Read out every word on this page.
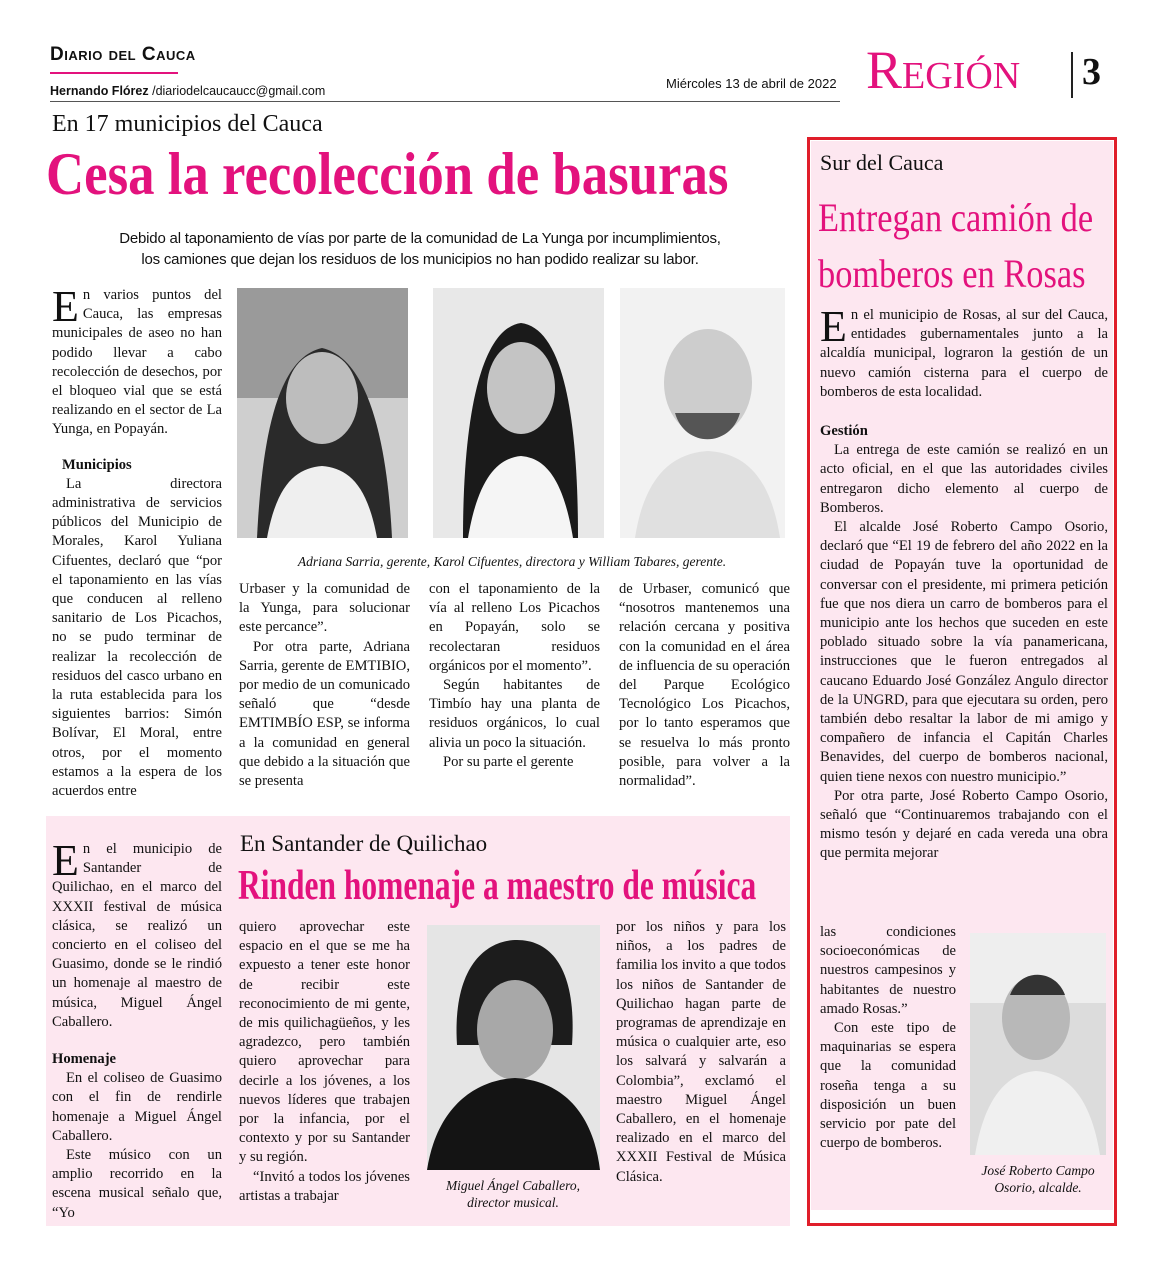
Diario del Cauca
Hernando Flórez /diariodelcaucaucc@gmail.com	Miércoles 13 de abril de 2022 Región 3
En 17 municipios del Cauca
Cesa la recolección de basuras
Debido al taponamiento de vías por parte de la comunidad de La Yunga por incumplimientos,
los camiones que dejan los residuos de los municipios no han podido realizar su labor.
E n varios puntos del Cauca, las empresas municipales de aseo no han podido llevar a cabo recolección de desechos, por el bloqueo vial que se está realizando en el sector de La Yunga, en Popayán.

Municipios

La directora administrativa de servicios públicos del Municipio de Morales, Karol Yuliana Cifuentes, declaró que “por el taponamiento en las vías que conducen al relleno sanitario de Los Picachos, no se pudo terminar de realizar la recolección de residuos del casco urbano en la ruta establecida para los siguientes barrios: Simón Bolívar, El Moral, entre otros, por el momento estamos a la espera de los acuerdos entre

Adriana Sarria, gerente, Karol Cifuentes, directora y William Tabares, gerente.

Urbaser y la comunidad de la Yunga, para solucionar este percance”.

Por otra parte, Adriana Sarria, gerente de EMTIBIO, por medio de un comunicado señaló que “desde EMTIMBÍO ESP, se informa a la comunidad en general que debido a la situación que se presenta

con el taponamiento de la vía al relleno Los Picachos en Popayán, solo se recolectaran residuos orgánicos por el momento”.

Según habitantes de Timbío hay una planta de residuos orgánicos, lo cual alivia un poco la situación.

Por su parte el gerente

de Urbaser, comunicó que “nosotros mantenemos una relación cercana y positiva con la comunidad en el área de influencia de su operación del Parque Ecológico Tecnológico Los Picachos, por lo tanto esperamos que se resuelva lo más pronto posible, para volver a la normalidad”.

Sur del Cauca
Entregan camión de
bomberos en Rosas
E n el municipio de Rosas, al sur del Cauca, entidades gubernamentales junto a la alcaldía municipal, lograron la gestión de un nuevo camión cisterna para el cuerpo de bomberos de esta localidad.

Gestión

La entrega de este camión se realizó en un acto oficial, en el que las autoridades civiles entregaron dicho elemento al cuerpo de Bomberos.

El alcalde José Roberto Campo Osorio, declaró que “El 19 de febrero del año 2022 en la ciudad de Popayán tuve la oportunidad de conversar con el presidente, mi primera petición fue que nos diera un carro de bomberos para el municipio ante los hechos que suceden en este poblado situado sobre la vía panamericana, instrucciones que le fueron entregados al caucano Eduardo José González Angulo director de la UNGRD, para que ejecutara su orden, pero también debo resaltar la labor de mi amigo y compañero de infancia el Capitán Charles Benavides, del cuerpo de bomberos nacional, quien tiene nexos con nuestro municipio.”

Por otra parte, José Roberto Campo Osorio, señaló que “Continuaremos trabajando con el mismo tesón y dejaré en cada vereda una obra que permita mejorar

las condiciones socioeconómicas de nuestros campesinos y habitantes de nuestro amado Rosas.”

Con este tipo de maquinarias se espera que la comunidad roseña tenga a su disposición un buen servicio por pate del cuerpo de bomberos.

José Roberto Campo
Osorio, alcalde.
En Santander de Quilichao
Rinden homenaje a maestro de música
E n el municipio de Santander de Quilichao, en el marco del XXXII festival de música clásica, se realizó un concierto en el coliseo del Guasimo, donde se le rindió un homenaje al maestro de música, Miguel Ángel Caballero.

Homenaje

En el coliseo de Guasimo con el fin de rendirle homenaje a Miguel Ángel Caballero.

Este músico con un amplio recorrido en la escena musical señalo que, “Yo

quiero aprovechar este espacio en el que se me ha expuesto a tener este honor de recibir este reconocimiento de mi gente, de mis quilichagüeños, y les agradezco, pero también quiero aprovechar para decirle a los jóvenes, a los nuevos líderes que trabajen por la infancia, por el contexto y por su Santander y su región.

“Invitó a todos los jóvenes artistas a trabajar

Miguel Ángel Caballero,
director musical.

por los niños y para los niños, a los padres de familia los invito a que todos los niños de Santander de Quilichao hagan parte de programas de aprendizaje en música o cualquier arte, eso los salvará y salvarán a Colombia”, exclamó el maestro Miguel Ángel Caballero, en el homenaje realizado en el marco del XXXII Festival de Música Clásica.
